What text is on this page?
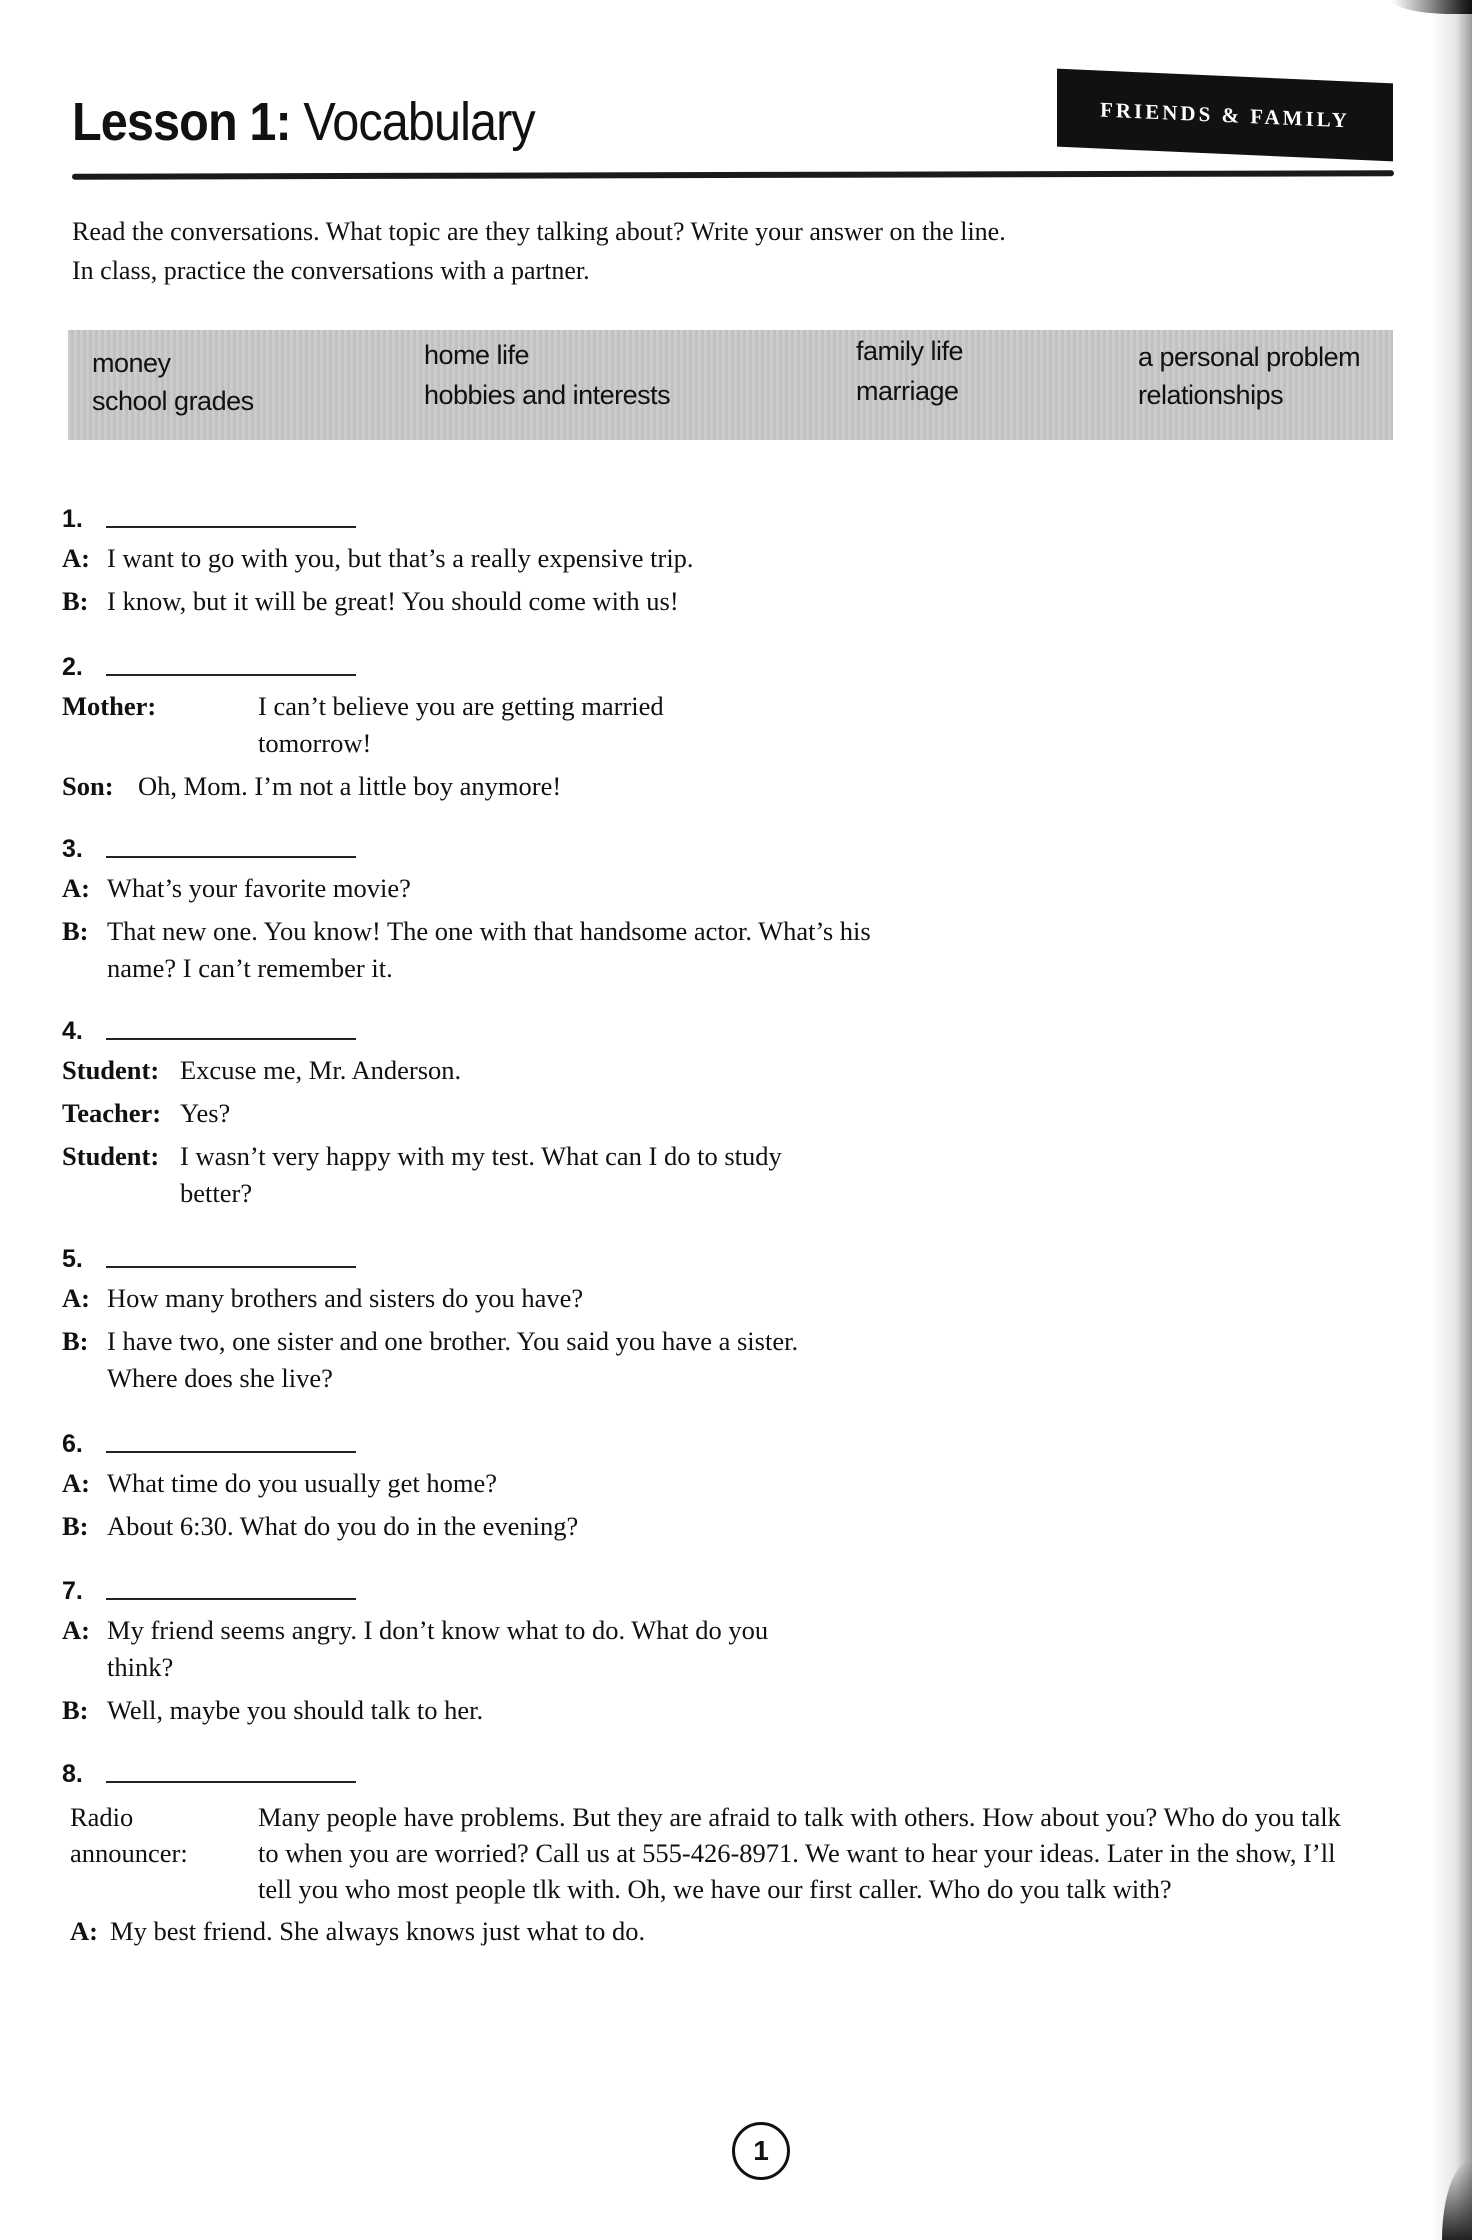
Lesson 1: Vocabulary	FRIENDS & FAMILY
Read the conversations. What topic are they talking about? Write your answer on the line.
In class, practice the conversations with a partner.
money
school grades
home life
hobbies and interests
family life
marriage
a personal problem
relationships
1.
A: I want to go with you, but that’s a really expensive trip.
B: I know, but it will be great! You should come with us!
2.
Mother:	I can’t believe you are getting married tomorrow!
Son: Oh, Mom. I’m not a little boy anymore!
3.
A: What’s your favorite movie?
B: That new one. You know! The one with that handsome actor. What’s his name? I can’t remember it.
4.
Student: Excuse me, Mr. Anderson.
Teacher: Yes?
Student: I wasn’t very happy with my test. What can I do to study better?
5.
A: How many brothers and sisters do you have?
B: I have two, one sister and one brother. You said you have a sister. Where does she live?
6.
A: What time do you usually get home?
B: About 6:30. What do you do in the evening?
7.
A: My friend seems angry. I don’t know what to do. What do you think?
B: Well, maybe you should talk to her.
8.
Radio
announcer:
Many people have problems. But they are afraid to talk with others. How about you? Who do you talk to when you are worried? Call us at 555-426-8971. We want to hear your ideas. Later in the show, I’ll tell you who most people tlk with. Oh, we have our first caller. Who do you talk with?
A: My best friend. She always knows just what to do.
1
